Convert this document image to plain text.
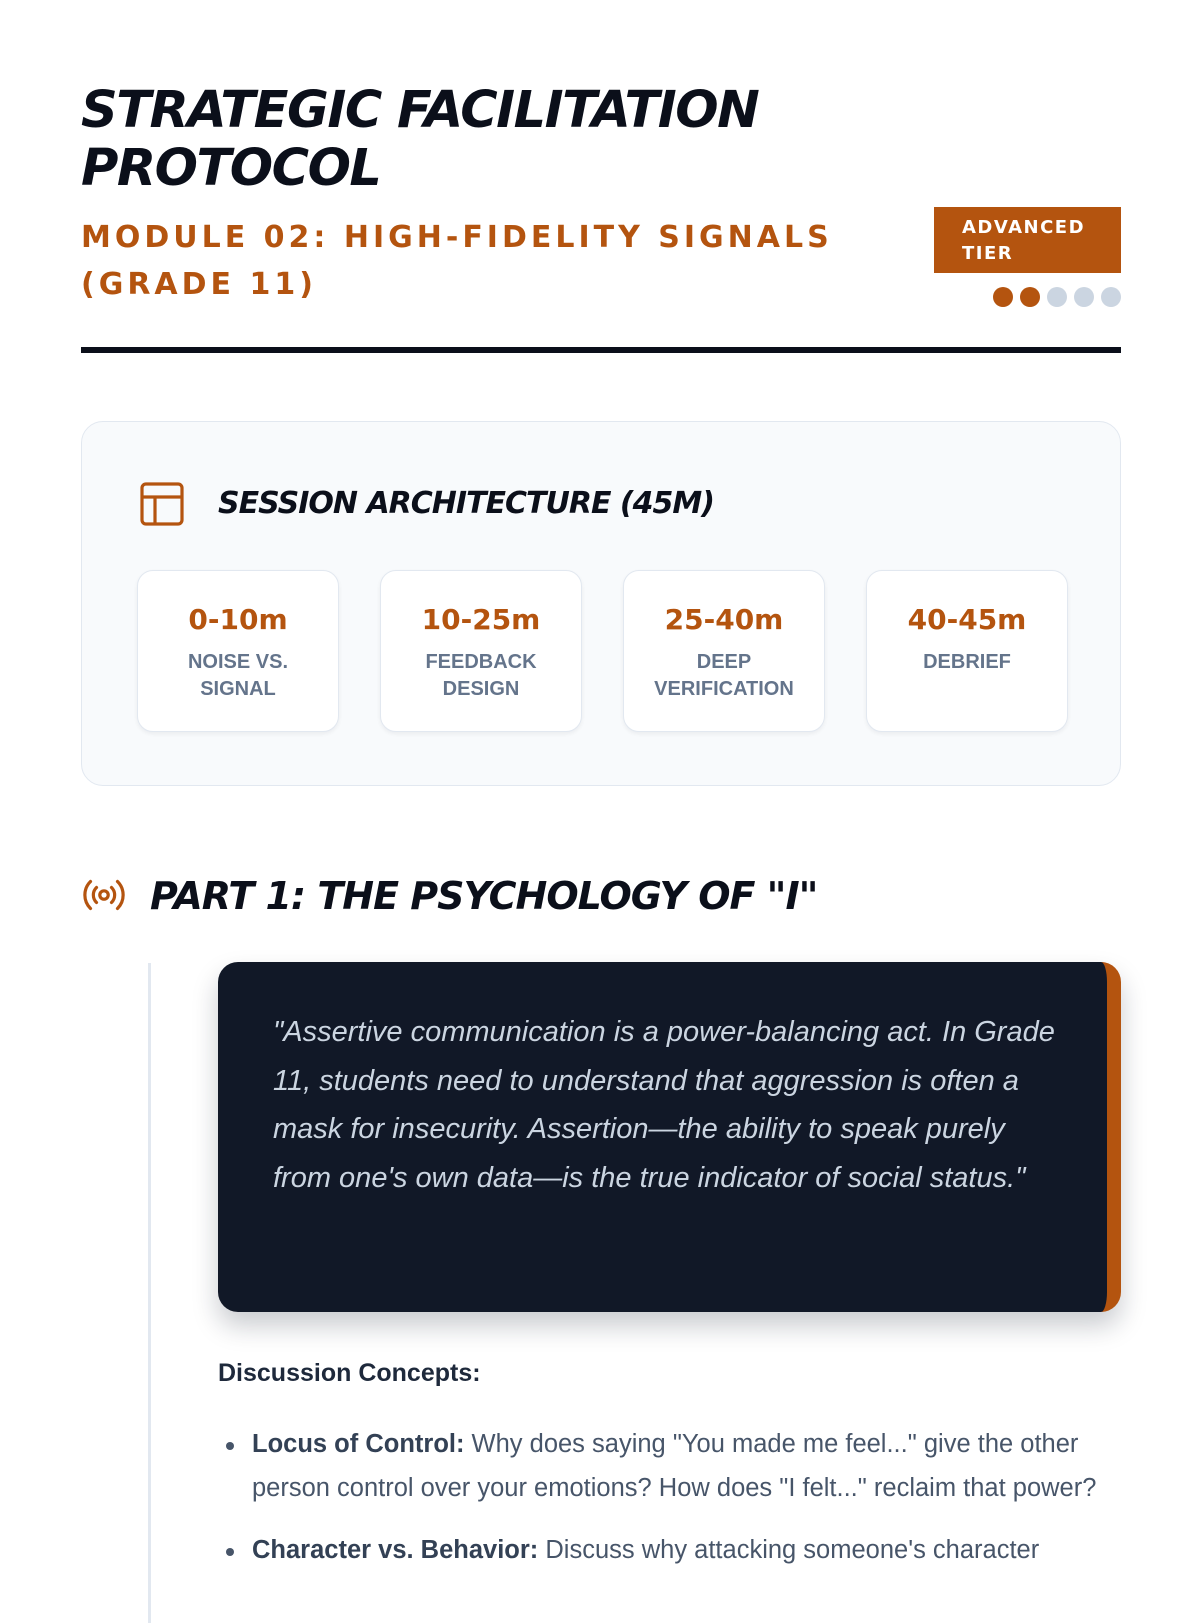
STRATEGIC FACILITATION
PROTOCOL
MODULE 02: HIGH-FIDELITY SIGNALS
(GRADE 11)
ADVANCED
TIER
SESSION ARCHITECTURE (45M)
0-10m
NOISE VS. SIGNAL
10-25m
FEEDBACK DESIGN
25-40m
DEEP VERIFICATION
40-45m
DEBRIEF
PART 1: THE PSYCHOLOGY OF "I"

"Assertive communication is a power-balancing act. In Grade 11, students need to understand that aggression is often a mask for insecurity. Assertion—the ability to speak purely from one's own data—is the true indicator of social status."

Discussion Concepts:
Locus of Control: Why does saying "You made me feel..." give the other person control over your emotions? How does "I felt..." reclaim that power?
Character vs. Behavior: Discuss why attacking someone's character
